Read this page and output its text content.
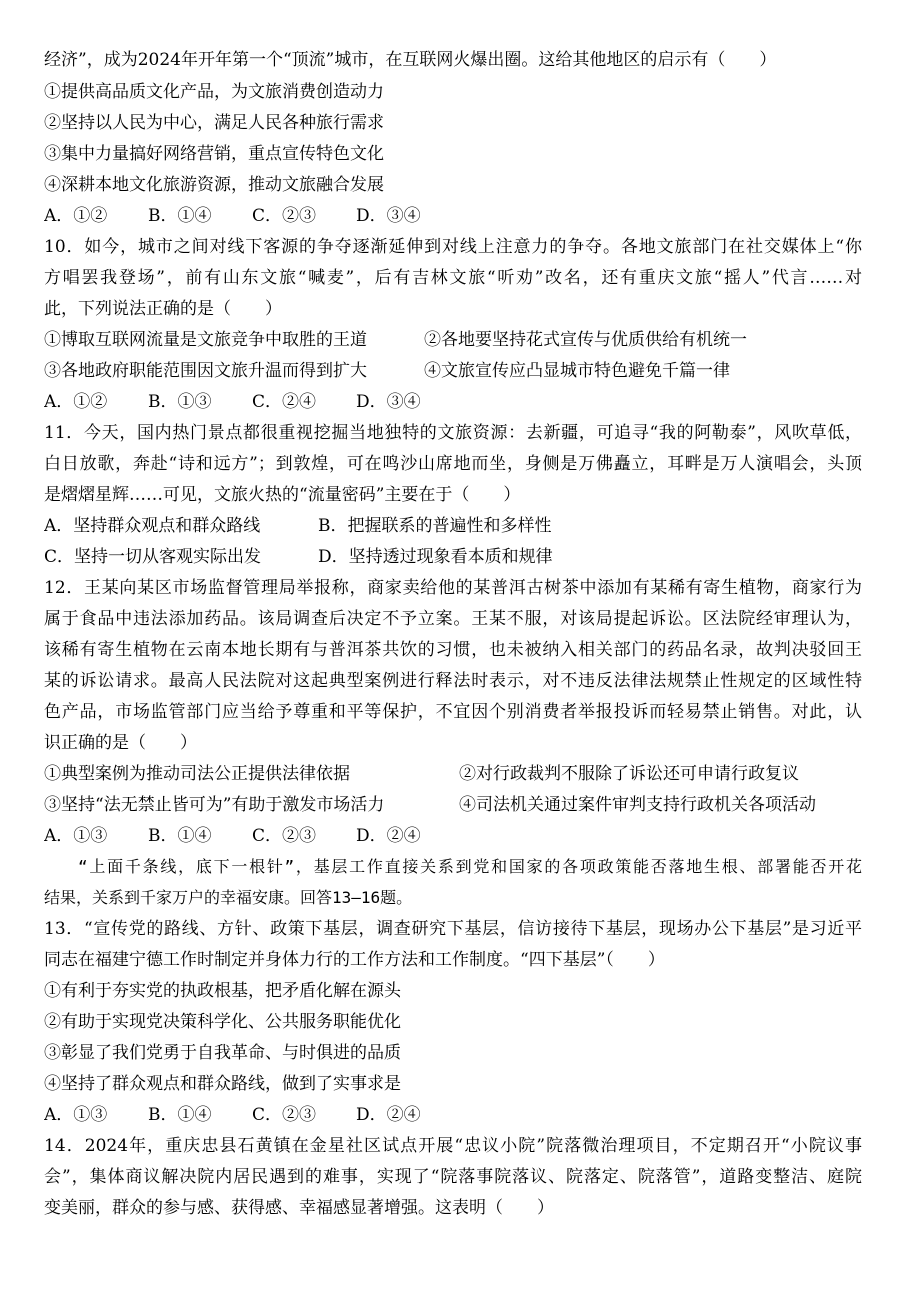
经济”，成为2024年开年第一个“顶流”城市，在互联网火爆出圈。这给其他地区的启示有（　　）
①提供高品质文化产品，为文旅消费创造动力
②坚持以人民为中心，满足人民各种旅行需求
③集中力量搞好网络营销，重点宣传特色文化
④深耕本地文化旅游资源，推动文旅融合发展
A．①② B．①④ C．②③ D．③④
10．如今，城市之间对线下客源的争夺逐渐延伸到对线上注意力的争夺。各地文旅部门在社交媒体上“你
方唱罢我登场”，前有山东文旅“喊麦”，后有吉林文旅“听劝”改名，还有重庆文旅“摇人”代言……对
此，下列说法正确的是（　　）
①博取互联网流量是文旅竞争中取胜的王道	②各地要坚持花式宣传与优质供给有机统一
③各地政府职能范围因文旅升温而得到扩大	④文旅宣传应凸显城市特色避免千篇一律
A．①② B．①③ C．②④ D．③④
11．今天，国内热门景点都很重视挖掘当地独特的文旅资源：去新疆，可追寻“我的阿勒泰”，风吹草低，
白日放歌，奔赴“诗和远方”；到敦煌，可在鸣沙山席地而坐，身侧是万佛矗立，耳畔是万人演唱会，头顶
是熠熠星辉……可见，文旅火热的“流量密码”主要在于（　　）
A．坚持群众观点和群众路线	B．把握联系的普遍性和多样性
C．坚持一切从客观实际出发	D．坚持透过现象看本质和规律
12．王某向某区市场监督管理局举报称，商家卖给他的某普洱古树茶中添加有某稀有寄生植物，商家行为
属于食品中违法添加药品。该局调查后决定不予立案。王某不服，对该局提起诉讼。区法院经审理认为，
该稀有寄生植物在云南本地长期有与普洱茶共饮的习惯，也未被纳入相关部门的药品名录，故判决驳回王
某的诉讼请求。最高人民法院对这起典型案例进行释法时表示，对不违反法律法规禁止性规定的区域性特
色产品，市场监管部门应当给予尊重和平等保护，不宜因个别消费者举报投诉而轻易禁止销售。对此，认
识正确的是（　　）
①典型案例为推动司法公正提供法律依据	②对行政裁判不服除了诉讼还可申请行政复议
③坚持“法无禁止皆可为”有助于激发市场活力	④司法机关通过案件审判支持行政机关各项活动
A．①③ B．①④ C．②③ D．②④
“上面千条线，底下一根针”，基层工作直接关系到党和国家的各项政策能否落地生根、部署能否开花
结果，关系到千家万户的幸福安康。回答13—16题。
13．“宣传党的路线、方针、政策下基层，调查研究下基层，信访接待下基层，现场办公下基层”是习近平
同志在福建宁德工作时制定并身体力行的工作方法和工作制度。“四下基层”（　　）
①有利于夯实党的执政根基，把矛盾化解在源头
②有助于实现党决策科学化、公共服务职能优化
③彰显了我们党勇于自我革命、与时俱进的品质
④坚持了群众观点和群众路线，做到了实事求是
A．①③ B．①④ C．②③ D．②④
14．2024年，重庆忠县石黄镇在金星社区试点开展“忠议小院”院落微治理项目，不定期召开“小院议事
会”，集体商议解决院内居民遇到的难事，实现了“院落事院落议、院落定、院落管”，道路变整洁、庭院
变美丽，群众的参与感、获得感、幸福感显著增强。这表明（　　）
